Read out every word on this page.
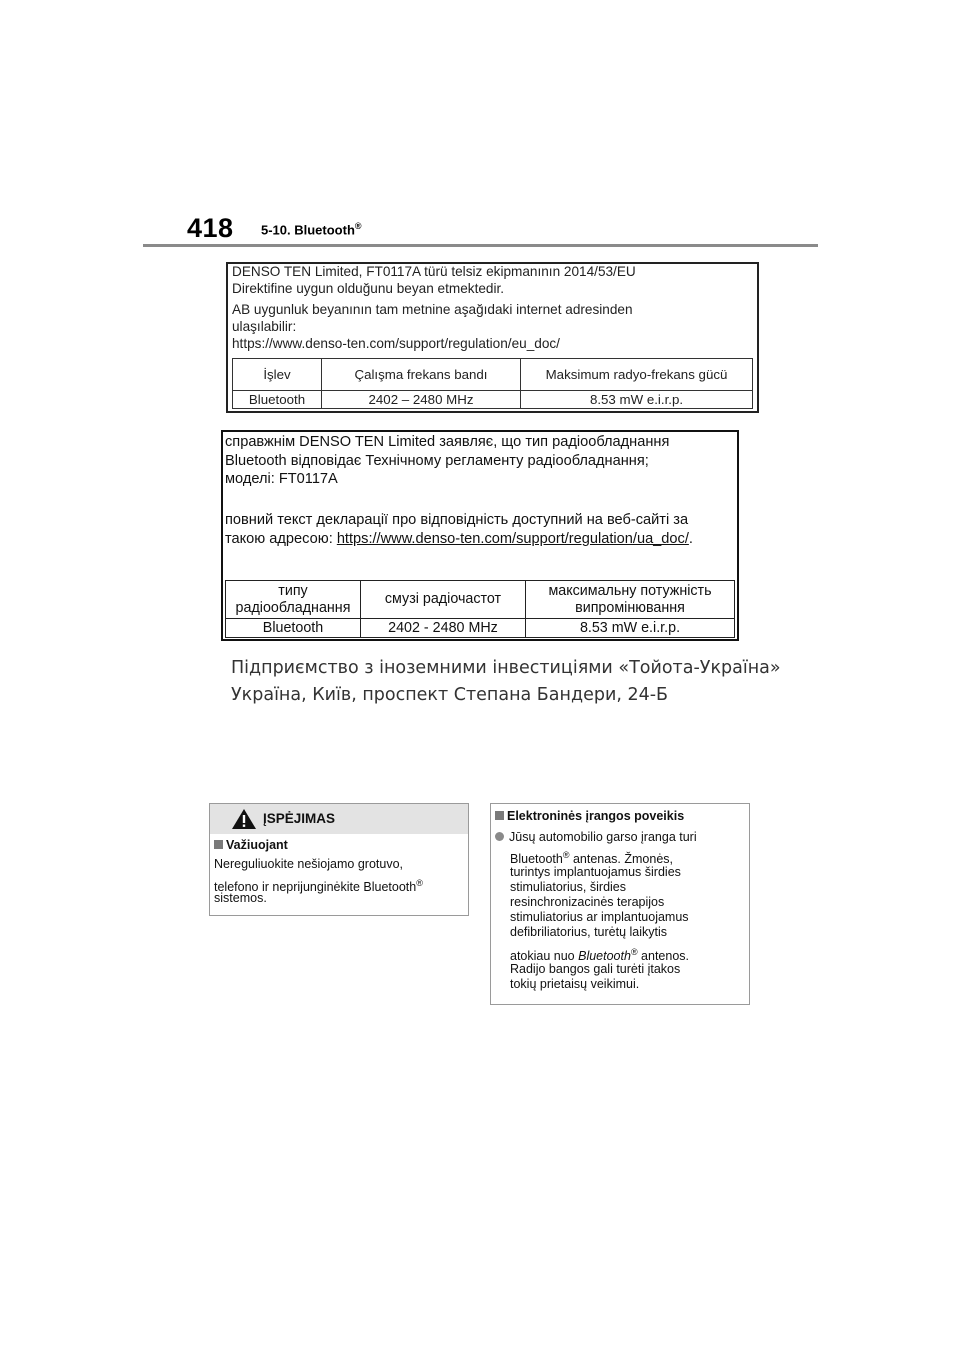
418 5-10. Bluetooth®
DENSO TEN Limited, FT0117A türü telsiz ekipmanının 2014/53/EU
Direktifine uygun olduğunu beyan etmektedir.
AB uygunluk beyanının tam metnine aşağıdaki internet adresinden
ulaşılabilir:
https://www.denso-ten.com/support/regulation/eu_doc/
İşlev	Çalışma frekans bandı	Maksimum radyo-frekans gücü
Bluetooth	2402 – 2480 MHz	8.53 mW e.i.r.p.
справжнім DENSO TEN Limited заявляє, що тип радіообладнання
Bluetooth відповідає Технічному регламенту радіообладнання;
моделі: FT0117A
повний текст декларації про відповідність доступний на веб-сайті за
такою адресою: https://www.denso-ten.com/support/regulation/ua_doc/.
типу радіообладнання	смузі радіочастот	максимальну потужність випромінювання
Bluetooth	2402 - 2480 MHz	8.53 mW e.i.r.p.
Підприємство з іноземними інвестиціями «Тойота-Україна»
Україна, Київ, проспект Степана Бандери, 24-Б
ĮSPĖJIMAS
Važiuojant
Nereguliuokite nešiojamo grotuvo,
telefono ir neprijunginėkite Bluetooth®
sistemos.
Elektroninės įrangos poveikis
Jūsų automobilio garso įranga turi
Bluetooth® antenas. Žmonės,
turintys implantuojamus širdies
stimuliatorius, širdies
resinchronizacinės terapijos
stimuliatorius ar implantuojamus
defibriliatorius, turėtų laikytis
atokiau nuo Bluetooth® antenos.
Radijo bangos gali turėti įtakos
tokių prietaisų veikimui.
